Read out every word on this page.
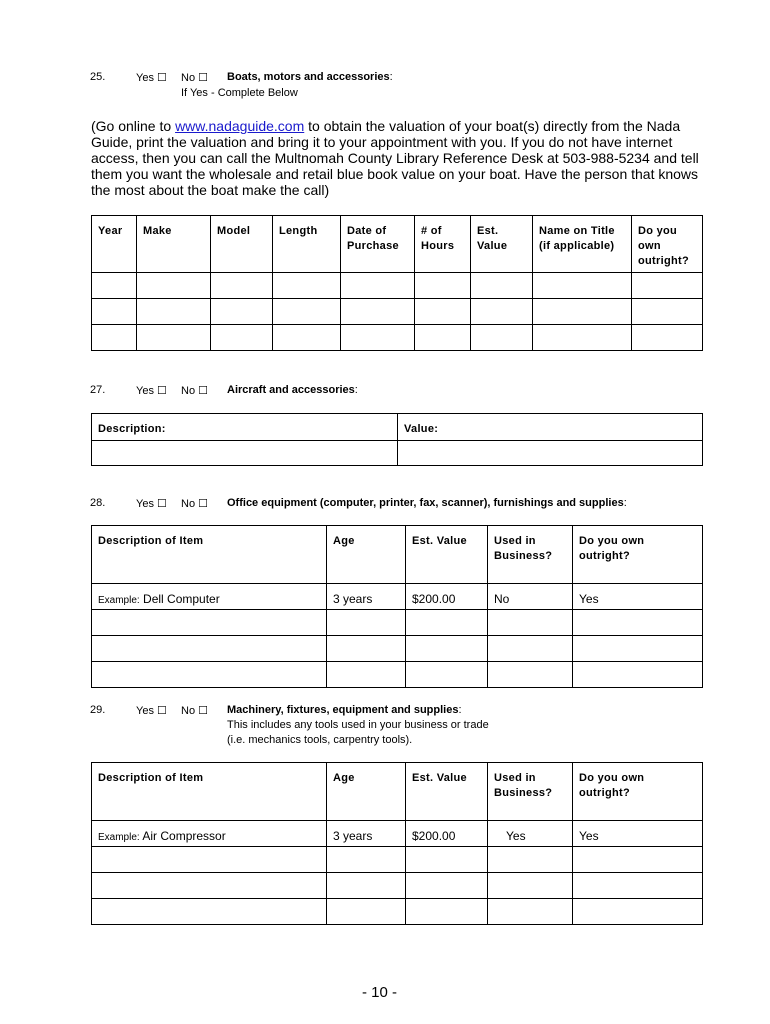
25.	Yes ☐ No ☐ Boats, motors and accessories:
If Yes - Complete Below
(Go online to www.nadaguide.com to obtain the valuation of your boat(s) directly from the Nada Guide, print the valuation and bring it to your appointment with you. If you do not have internet access, then you can call the Multnomah County Library Reference Desk at 503-988-5234 and tell them you want the wholesale and retail blue book value on your boat. Have the person that knows the most about the boat make the call)
Year	Make	Model	Length	Date of Purchase	# of Hours	Est. Value	Name on Title (if applicable)	Do you own outright?

27.	Yes ☐ No ☐ Aircraft and accessories:
Description:	Value:

28.	Yes ☐ No ☐ Office equipment (computer, printer, fax, scanner), furnishings and supplies:
Description of Item	Age	Est. Value	Used in Business?	Do you own outright?
Example: Dell Computer	3 years	$200.00	No	Yes

29.	Yes ☐ No ☐ Machinery, fixtures, equipment and supplies:
This includes any tools used in your business or trade
(i.e. mechanics tools, carpentry tools).
Description of Item	Age	Est. Value	Used in Business?	Do you own outright?
Example: Air Compressor	3 years	$200.00	Yes	Yes

- 10 -
